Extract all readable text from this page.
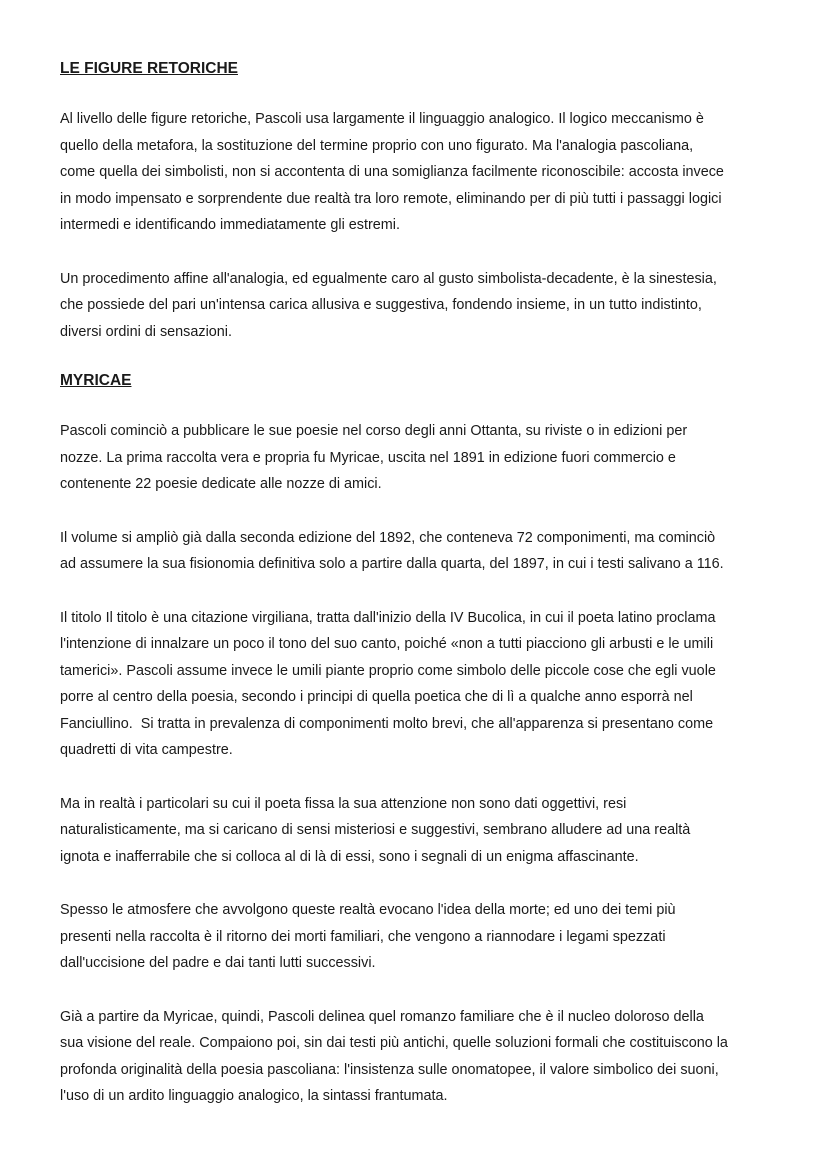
LE FIGURE RETORICHE

Al livello delle figure retoriche, Pascoli usa largamente il linguaggio analogico. Il logico meccanismo è
quello della metafora, la sostituzione del termine proprio con uno figurato. Ma l'analogia pascoliana,
come quella dei simbolisti, non si accontenta di una somiglianza facilmente riconoscibile: accosta invece
in modo impensato e sorprendente due realtà tra loro remote, eliminando per di più tutti i passaggi logici
intermedi e identificando immediatamente gli estremi.

Un procedimento affine all'analogia, ed egualmente caro al gusto simbolista-decadente, è la sinestesia,
che possiede del pari un'intensa carica allusiva e suggestiva, fondendo insieme, in un tutto indistinto,
diversi ordini di sensazioni.

MYRICAE

Pascoli cominciò a pubblicare le sue poesie nel corso degli anni Ottanta, su riviste o in edizioni per
nozze. La prima raccolta vera e propria fu Myricae, uscita nel 1891 in edizione fuori commercio e
contenente 22 poesie dedicate alle nozze di amici.

Il volume si ampliò già dalla seconda edizione del 1892, che conteneva 72 componimenti, ma cominciò
ad assumere la sua fisionomia definitiva solo a partire dalla quarta, del 1897, in cui i testi salivano a 116.

Il titolo Il titolo è una citazione virgiliana, tratta dall'inizio della IV Bucolica, in cui il poeta latino proclama
l'intenzione di innalzare un poco il tono del suo canto, poiché «non a tutti piacciono gli arbusti e le umili
tamerici». Pascoli assume invece le umili piante proprio come simbolo delle piccole cose che egli vuole
porre al centro della poesia, secondo i principi di quella poetica che di lì a qualche anno esporrà nel
Fanciullino.  Si tratta in prevalenza di componimenti molto brevi, che all'apparenza si presentano come
quadretti di vita campestre.

Ma in realtà i particolari su cui il poeta fissa la sua attenzione non sono dati oggettivi, resi
naturalisticamente, ma si caricano di sensi misteriosi e suggestivi, sembrano alludere ad una realtà
ignota e inafferrabile che si colloca al di là di essi, sono i segnali di un enigma affascinante.

Spesso le atmosfere che avvolgono queste realtà evocano l'idea della morte; ed uno dei temi più
presenti nella raccolta è il ritorno dei morti familiari, che vengono a riannodare i legami spezzati
dall'uccisione del padre e dai tanti lutti successivi.

Già a partire da Myricae, quindi, Pascoli delinea quel romanzo familiare che è il nucleo doloroso della
sua visione del reale. Compaiono poi, sin dai testi più antichi, quelle soluzioni formali che costituiscono la
profonda originalità della poesia pascoliana: l'insistenza sulle onomatopee, il valore simbolico dei suoni,
l'uso di un ardito linguaggio analogico, la sintassi frantumata.
